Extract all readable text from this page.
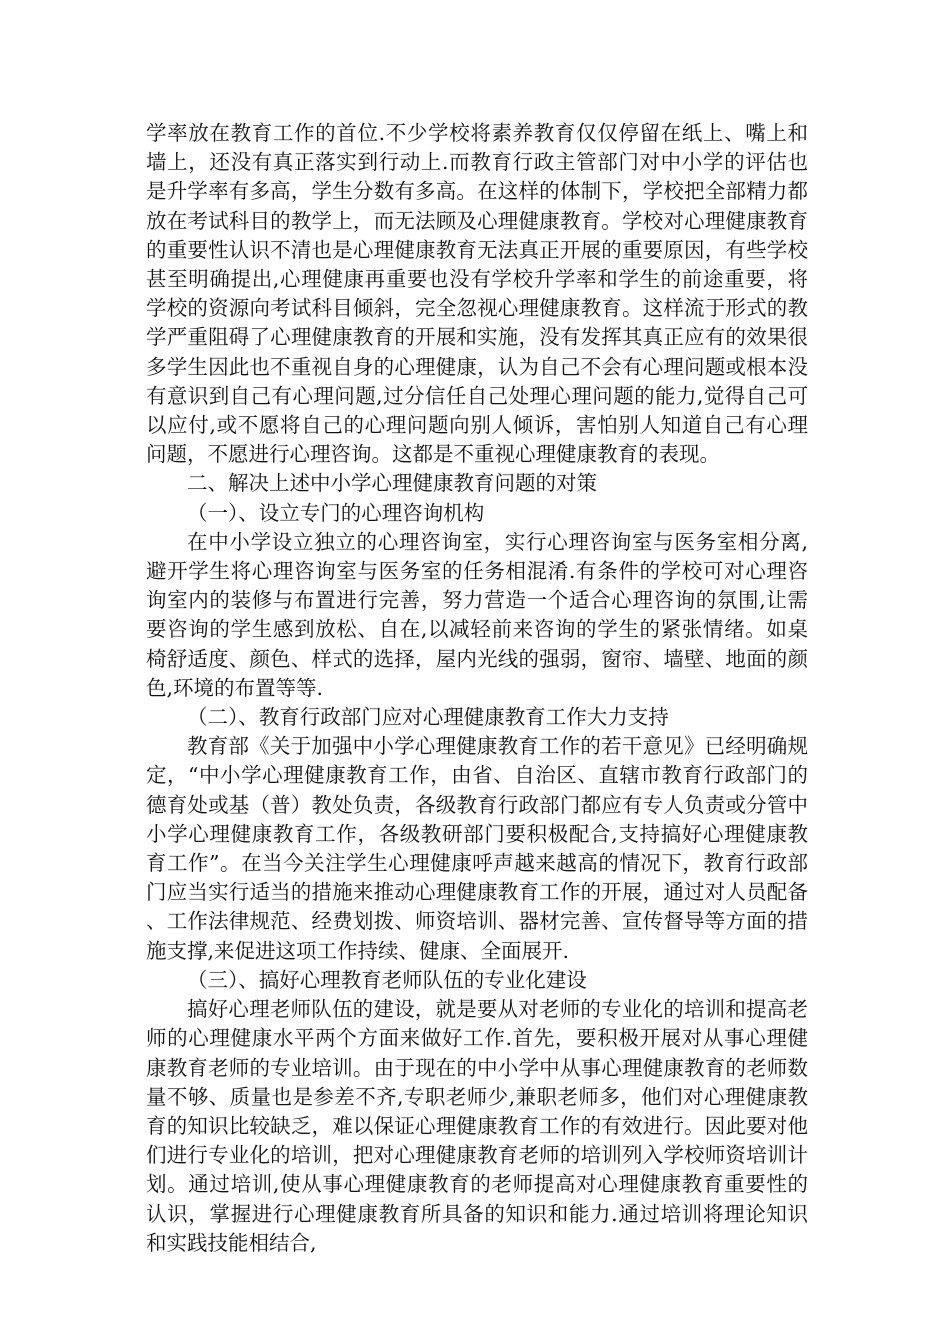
学率放在教育工作的首位.不少学校将素养教育仅仅停留在纸上、嘴上和墙上，还没有真正落实到行动上.而教育行政主管部门对中小学的评估也是升学率有多高，学生分数有多高。在这样的体制下，学校把全部精力都放在考试科目的教学上，而无法顾及心理健康教育。学校对心理健康教育的重要性认识不清也是心理健康教育无法真正开展的重要原因，有些学校甚至明确提出,心理健康再重要也没有学校升学率和学生的前途重要，将学校的资源向考试科目倾斜，完全忽视心理健康教育。这样流于形式的教学严重阻碍了心理健康教育的开展和实施，没有发挥其真正应有的效果很多学生因此也不重视自身的心理健康，认为自己不会有心理问题或根本没有意识到自己有心理问题,过分信任自己处理心理问题的能力,觉得自己可以应付,或不愿将自己的心理问题向别人倾诉，害怕别人知道自己有心理问题，不愿进行心理咨询。这都是不重视心理健康教育的表现。

二、解决上述中小学心理健康教育问题的对策

（一）、设立专门的心理咨询机构

在中小学设立独立的心理咨询室，实行心理咨询室与医务室相分离,避开学生将心理咨询室与医务室的任务相混淆.有条件的学校可对心理咨询室内的装修与布置进行完善，努力营造一个适合心理咨询的氛围,让需要咨询的学生感到放松、自在,以减轻前来咨询的学生的紧张情绪。如桌椅舒适度、颜色、样式的选择，屋内光线的强弱，窗帘、墙壁、地面的颜色,环境的布置等等.

（二）、教育行政部门应对心理健康教育工作大力支持

教育部《关于加强中小学心理健康教育工作的若干意见》已经明确规定，“中小学心理健康教育工作，由省、自治区、直辖市教育行政部门的德育处或基（普）教处负责，各级教育行政部门都应有专人负责或分管中小学心理健康教育工作，各级教研部门要积极配合,支持搞好心理健康教育工作”。在当今关注学生心理健康呼声越来越高的情况下，教育行政部门应当实行适当的措施来推动心理健康教育工作的开展，通过对人员配备、工作法律规范、经费划拨、师资培训、器材完善、宣传督导等方面的措施支撑,来促进这项工作持续、健康、全面展开.

（三）、搞好心理教育老师队伍的专业化建设

搞好心理老师队伍的建设，就是要从对老师的专业化的培训和提高老师的心理健康水平两个方面来做好工作.首先，要积极开展对从事心理健康教育老师的专业培训。由于现在的中小学中从事心理健康教育的老师数量不够、质量也是参差不齐,专职老师少,兼职老师多，他们对心理健康教育的知识比较缺乏，难以保证心理健康教育工作的有效进行。因此要对他们进行专业化的培训，把对心理健康教育老师的培训列入学校师资培训计划。通过培训,使从事心理健康教育的老师提高对心理健康教育重要性的认识，掌握进行心理健康教育所具备的知识和能力.通过培训将理论知识和实践技能相结合,
